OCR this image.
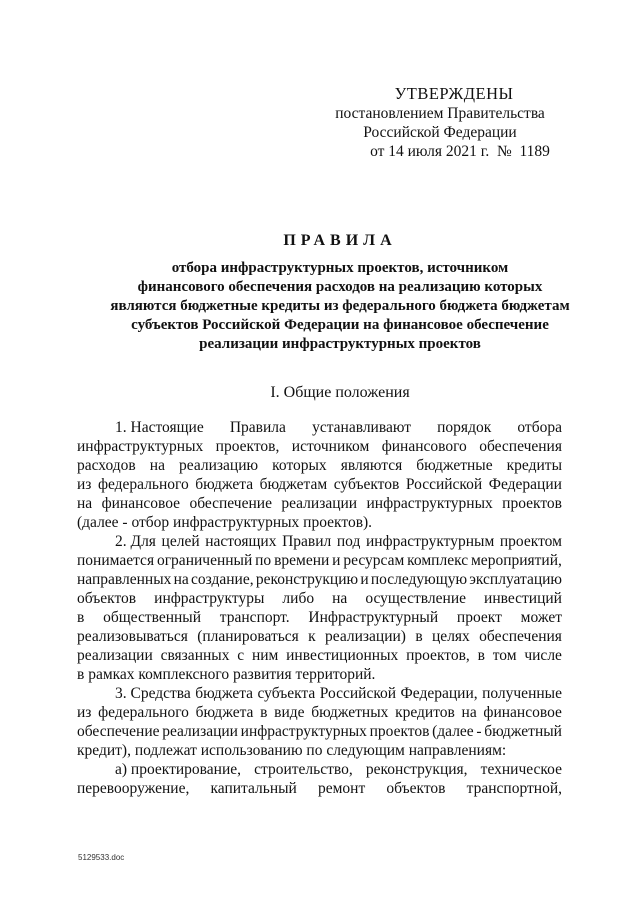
УТВЕРЖДЕНЫ
постановлением Правительства
Российской Федерации
от 14 июля 2021 г.  №  1189
ПРАВИЛА
отбора инфраструктурных проектов, источником
финансового обеспечения расходов на реализацию которых
являются бюджетные кредиты из федерального бюджета бюджетам
субъектов Российской Федерации на финансовое обеспечение
реализации инфраструктурных проектов
I. Общие положения
1. Настоящие Правила устанавливают порядок отбора
инфраструктурных проектов, источником финансового обеспечения
расходов на реализацию которых являются бюджетные кредиты
из федерального бюджета бюджетам субъектов Российской Федерации
на финансовое обеспечение реализации инфраструктурных проектов
(далее - отбор инфраструктурных проектов).
2. Для целей настоящих Правил под инфраструктурным проектом
понимается ограниченный по времени и ресурсам комплекс мероприятий,
направленных на создание, реконструкцию и последующую эксплуатацию
объектов инфраструктуры либо на осуществление инвестиций
в общественный транспорт. Инфраструктурный проект может
реализовываться (планироваться к реализации) в целях обеспечения
реализации связанных с ним инвестиционных проектов, в том числе
в рамках комплексного развития территорий.
3. Средства бюджета субъекта Российской Федерации, полученные
из федерального бюджета в виде бюджетных кредитов на финансовое
обеспечение реализации инфраструктурных проектов (далее - бюджетный
кредит), подлежат использованию по следующим направлениям:
а) проектирование, строительство, реконструкция, техническое
перевооружение, капитальный ремонт объектов транспортной,
5129533.doc
